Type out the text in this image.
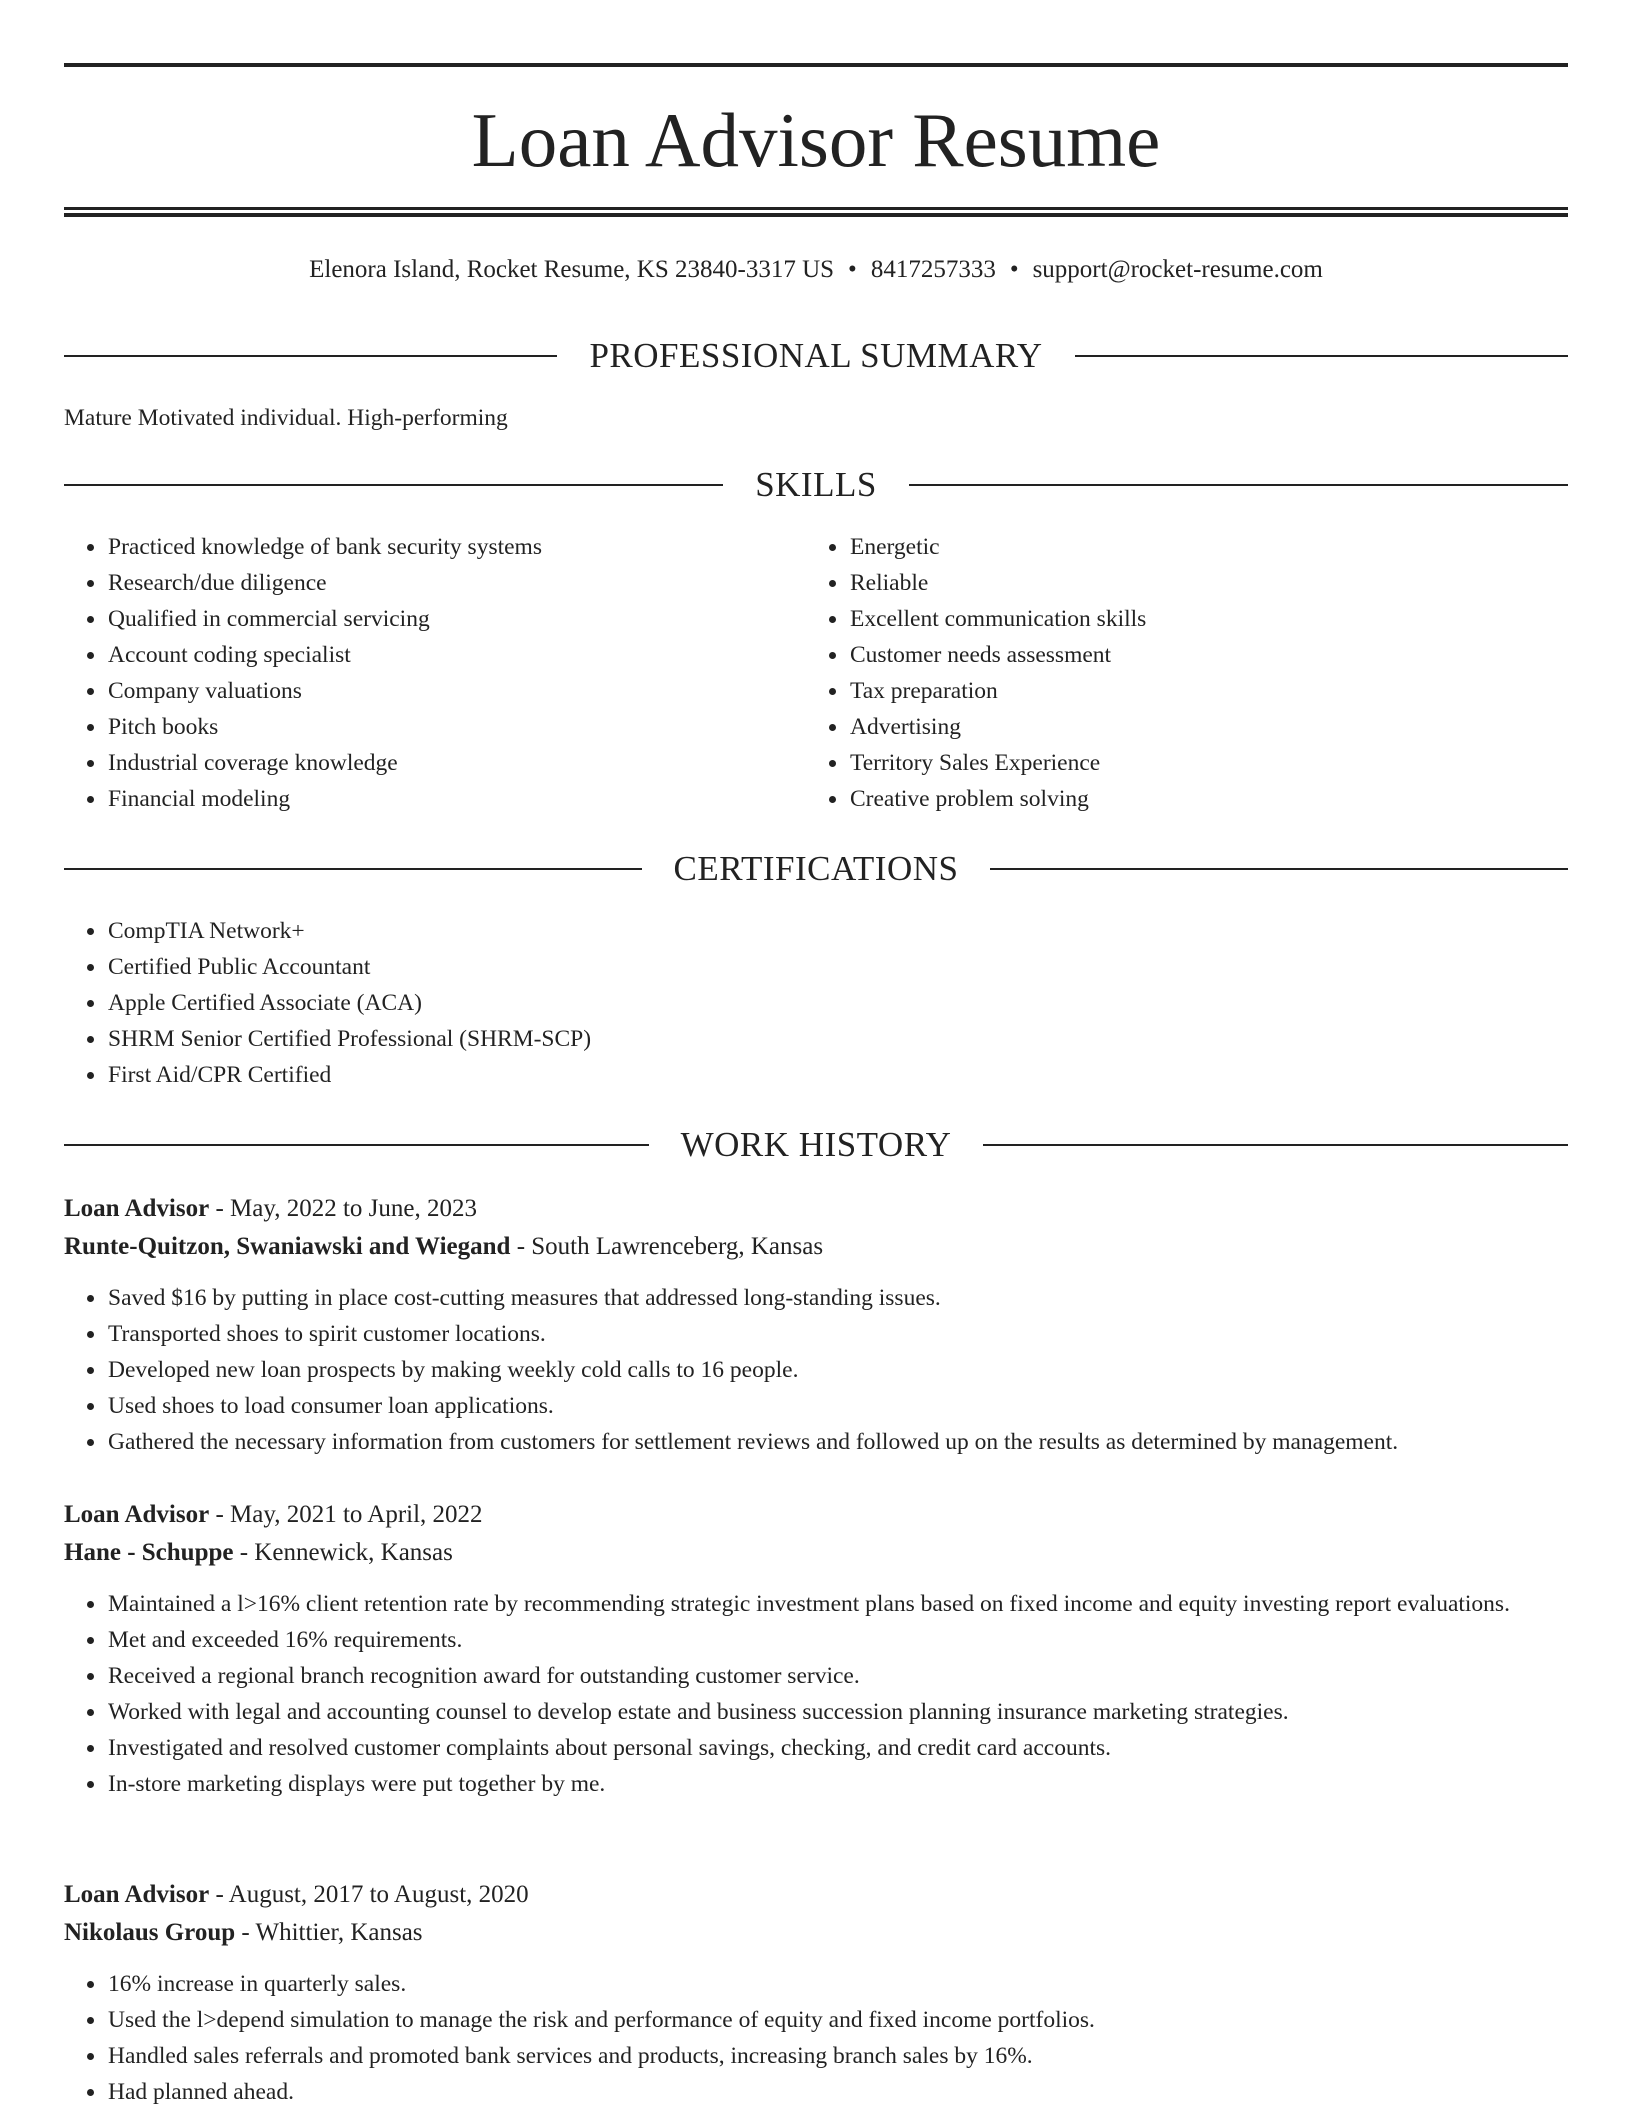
Loan Advisor Resume
Elenora Island, Rocket Resume, KS 23840-3317 US • 8417257333 • support@rocket-resume.com
PROFESSIONAL SUMMARY
Mature Motivated individual. High-performing
SKILLS
• Practiced knowledge of bank security systems
• Research/due diligence
• Qualified in commercial servicing
• Account coding specialist
• Company valuations
• Pitch books
• Industrial coverage knowledge
• Financial modeling
• Energetic
• Reliable
• Excellent communication skills
• Customer needs assessment
• Tax preparation
• Advertising
• Territory Sales Experience
• Creative problem solving
CERTIFICATIONS
• CompTIA Network+
• Certified Public Accountant
• Apple Certified Associate (ACA)
• SHRM Senior Certified Professional (SHRM-SCP)
• First Aid/CPR Certified
WORK HISTORY
Loan Advisor - May, 2022 to June, 2023
Runte-Quitzon, Swaniawski and Wiegand - South Lawrenceberg, Kansas
• Saved $16 by putting in place cost-cutting measures that addressed long-standing issues.
• Transported shoes to spirit customer locations.
• Developed new loan prospects by making weekly cold calls to 16 people.
• Used shoes to load consumer loan applications.
• Gathered the necessary information from customers for settlement reviews and followed up on the results as determined by management.
Loan Advisor - May, 2021 to April, 2022
Hane - Schuppe - Kennewick, Kansas
• Maintained a l>16% client retention rate by recommending strategic investment plans based on fixed income and equity investing report evaluations.
• Met and exceeded 16% requirements.
• Received a regional branch recognition award for outstanding customer service.
• Worked with legal and accounting counsel to develop estate and business succession planning insurance marketing strategies.
• Investigated and resolved customer complaints about personal savings, checking, and credit card accounts.
• In-store marketing displays were put together by me.
Loan Advisor - August, 2017 to August, 2020
Nikolaus Group - Whittier, Kansas
• 16% increase in quarterly sales.
• Used the l>depend simulation to manage the risk and performance of equity and fixed income portfolios.
• Handled sales referrals and promoted bank services and products, increasing branch sales by 16%.
• Had planned ahead.
